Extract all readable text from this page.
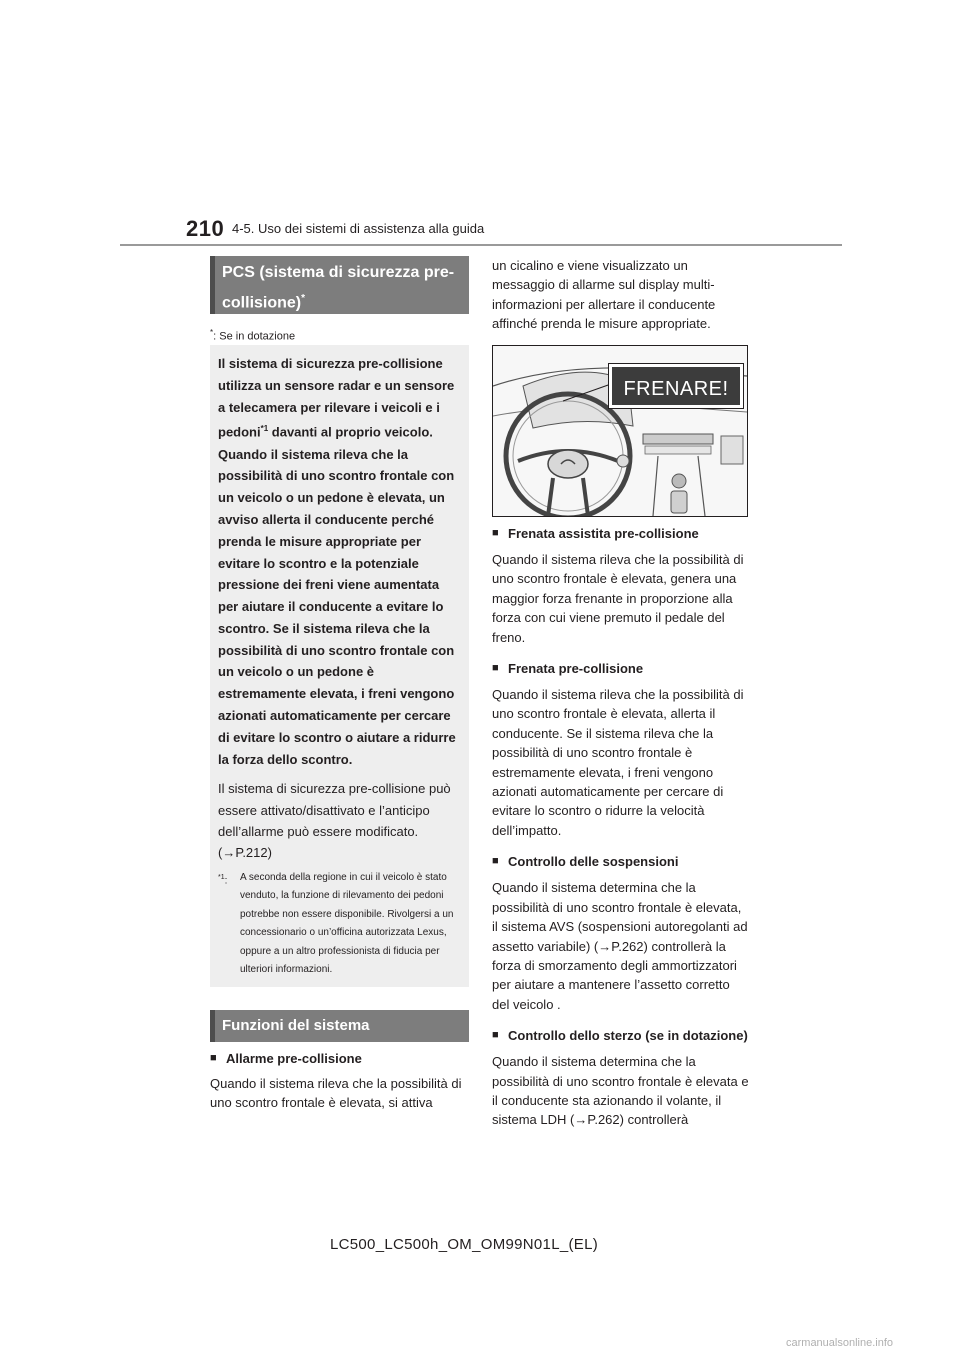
210 4-5. Uso dei sistemi di assistenza alla guida
PCS (sistema di sicurezza pre-
collisione)*
*: Se in dotazione

Il sistema di sicurezza pre-collisione utilizza un sensore radar e un sensore a telecamera per rilevare i veicoli e i pedoni$^{*1}$ davanti al proprio veicolo. Quando il sistema rileva che la possibilità di uno scontro frontale con un veicolo o un pedone è elevata, un avviso allerta il conducente perché prenda le misure appropriate per evitare lo scontro e la potenziale pressione dei freni viene aumentata per aiutare il conducente a evitare lo scontro. Se il sistema rileva che la possibilità di uno scontro frontale con un veicolo o un pedone è estremamente elevata, i freni vengono azionati automaticamente per cercare di evitare lo scontro o aiutare a ridurre la forza dello scontro.

Il sistema di sicurezza pre-collisione può essere attivato/disattivato e l’anticipo dell’allarme può essere modificato.

(→P.212)

$^{*1}$:	A seconda della regione in cui il veicolo è stato venduto, la funzione di rilevamento dei pedoni potrebbe non essere disponibile. Rivolgersi a un concessionario o un’officina autorizzata Lexus, oppure a un altro professionista di fiducia per ulteriori informazioni.
Funzioni del sistema
■ Allarme pre-collisione

Quando il sistema rileva che la possibilità di uno scontro frontale è elevata, si attiva

un cicalino e viene visualizzato un messaggio di allarme sul display multi-informazioni per allertare il conducente affinché prenda le misure appropriate.

FRENARE!
■ Frenata assistita pre-collisione

Quando il sistema rileva che la possibilità di uno scontro frontale è elevata, genera una maggior forza frenante in proporzione alla forza con cui viene premuto il pedale del freno.

■ Frenata pre-collisione

Quando il sistema rileva che la possibilità di uno scontro frontale è elevata, allerta il conducente. Se il sistema rileva che la possibilità di uno scontro frontale è estremamente elevata, i freni vengono azionati automaticamente per cercare di evitare lo scontro o ridurre la velocità dell’impatto.

■ Controllo delle sospensioni

Quando il sistema determina che la possibilità di uno scontro frontale è elevata, il sistema AVS (sospensioni autoregolanti ad assetto variabile) (→P.262) controllerà la forza di smorzamento degli ammortizzatori per aiutare a mantenere l’assetto corretto del veicolo .

■ Controllo dello sterzo (se in dotazione)

Quando il sistema determina che la possibilità di uno scontro frontale è elevata e il conducente sta azionando il volante, il sistema LDH (→P.262) controllerà

LC500_LC500h_OM_OM99N01L_(EL)
carmanualsonline.info
